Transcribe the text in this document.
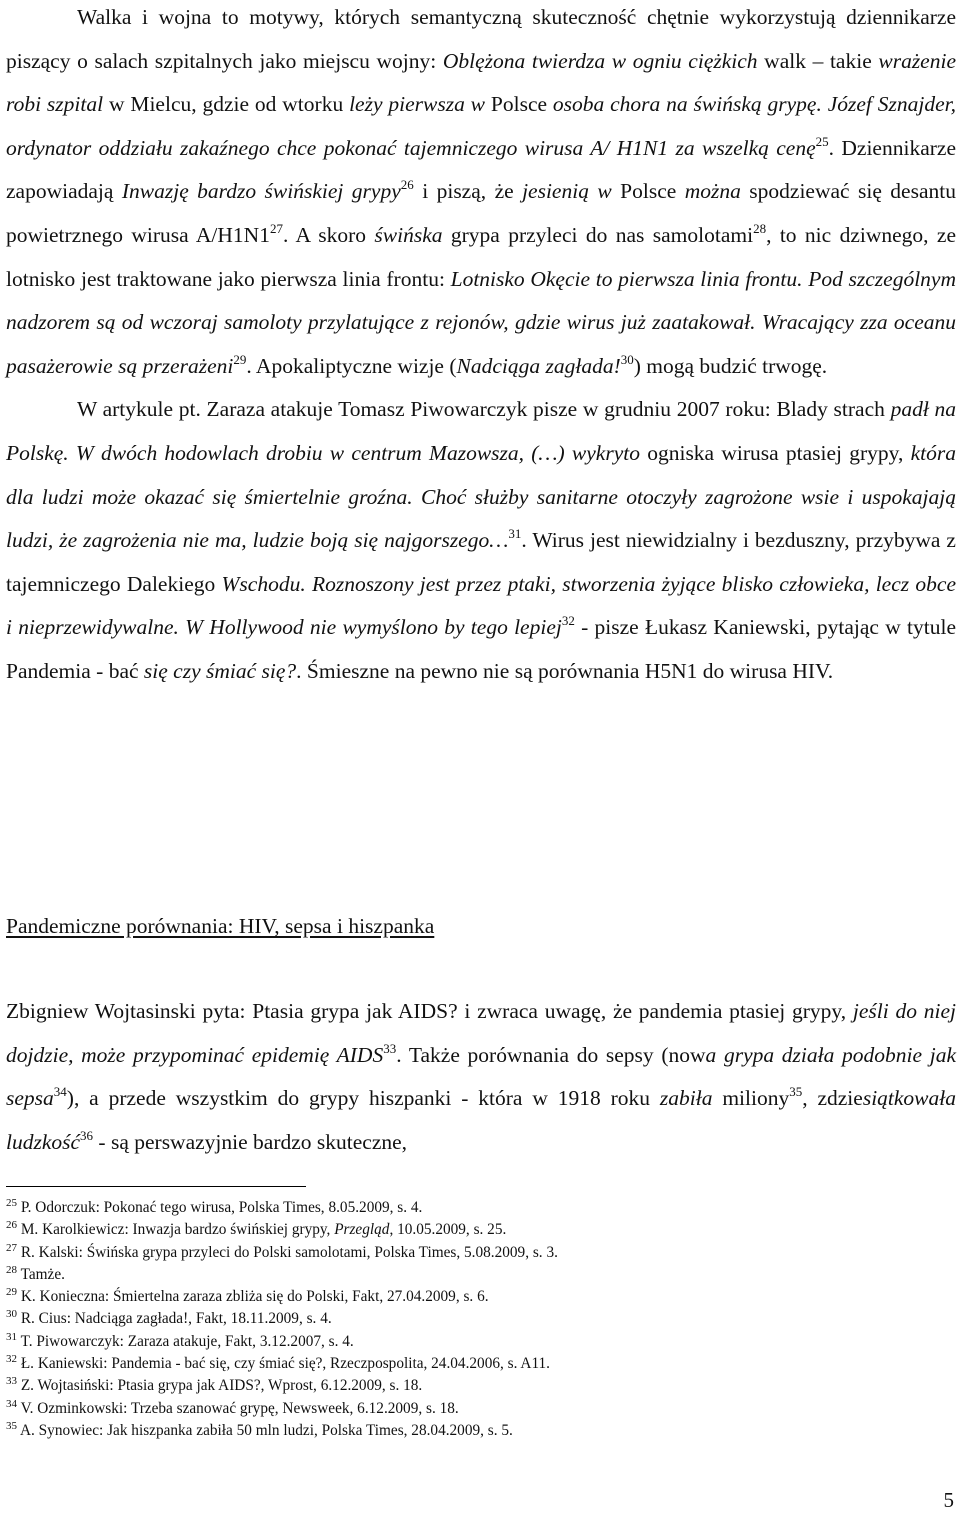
Walka i wojna to motywy, których semantyczną skuteczność chętnie wykorzystują dziennikarze piszący o salach szpitalnych jako miejscu wojny: Oblężona twierdza w ogniu ciężkich walk – takie wrażenie robi szpital w Mielcu, gdzie od wtorku leży pierwsza w Polsce osoba chora na świńską grypę. Józef Sznajder, ordynator oddziału zakaźnego chce pokonać tajemniczego wirusa A/ H1N1 za wszelką cenę$^{25}$. Dziennikarze zapowiadają Inwazję bardzo świńskiej grypy$^{26}$ i piszą, że jesienią w Polsce można spodziewać się desantu powietrznego wirusa $A/H1N1^{27}$. A skoro świńska grypa przyleci do nas samolotami$^{28}$, to nic dziwnego, ze lotnisko jest traktowane jako pierwsza linia frontu: Lotnisko Okęcie to pierwsza linia frontu. Pod szczególnym nadzorem są od wczoraj samoloty przylatujące z rejonów, gdzie wirus już zaatakował. Wracający zza oceanu pasażerowie są przerażeni$^{29}$. Apokaliptyczne wizje (Nadciąga zagłada!$^{30}$) mogą budzić trwogę.

W artykule pt. Zaraza atakuje Tomasz Piwowarczyk pisze w grudniu 2007 roku: Blady strach padł na Polskę. W dwóch hodowlach drobiu w centrum Mazowsza, (…) wykryto ogniska wirusa ptasiej grypy, która dla ludzi może okazać się śmiertelnie groźna. Choć służby sanitarne otoczyły zagrożone wsie i uspokajają ludzi, że zagrożenia nie ma, ludzie boją się najgorszego…$^{31}$. Wirus jest niewidzialny i bezduszny, przybywa z tajemniczego Dalekiego Wschodu. Roznoszony jest przez ptaki, stworzenia żyjące blisko człowieka, lecz obce i nieprzewidywalne. W Hollywood nie wymyślono by tego lepiej$^{32}$ - pisze Łukasz Kaniewski, pytając w tytule Pandemia - bać się czy śmiać się?. Śmieszne na pewno nie są porównania H5N1 do wirusa HIV.

Pandemiczne porównania: HIV, sepsa i hiszpanka

Zbigniew Wojtasinski pyta: Ptasia grypa jak AIDS? i zwraca uwagę, że pandemia ptasiej grypy, jeśli do niej dojdzie, może przypominać epidemię AIDS$^{33}$. Także porównania do sepsy (nowa grypa działa podobnie jak sepsa$^{34}$), a przede wszystkim do grypy hiszpanki - która w 1918 roku zabiła miliony$^{35}$, zdziesiątkowała ludzkość$^{36}$ - są perswazyjnie bardzo skuteczne,

$^{25}$ P. Odorczuk: Pokonać tego wirusa, Polska Times, 8.05.2009, s. 4.
$^{26}$ M. Karolkiewicz: Inwazja bardzo świńskiej grypy, Przegląd, 10.05.2009, s. 25.
$^{27}$ R. Kalski: Świńska grypa przyleci do Polski samolotami, Polska Times, 5.08.2009, s. 3.
$^{28}$ Tamże.
$^{29}$ K. Konieczna: Śmiertelna zaraza zbliża się do Polski, Fakt, 27.04.2009, s. 6.
$^{30}$ R. Cius: Nadciąga zagłada!, Fakt, 18.11.2009, s. 4.
$^{31}$ T. Piwowarczyk: Zaraza atakuje, Fakt, 3.12.2007, s. 4.
$^{32}$ Ł. Kaniewski: Pandemia - bać się, czy śmiać się?, Rzeczpospolita, 24.04.2006, s. A11.
$^{33}$ Z. Wojtasiński: Ptasia grypa jak AIDS?, Wprost, 6.12.2009, s. 18.
$^{34}$ V. Ozminkowski: Trzeba szanować grypę, Newsweek, 6.12.2009, s. 18.
$^{35}$ A. Synowiec: Jak hiszpanka zabiła 50 mln ludzi, Polska Times, 28.04.2009, s. 5.
5
